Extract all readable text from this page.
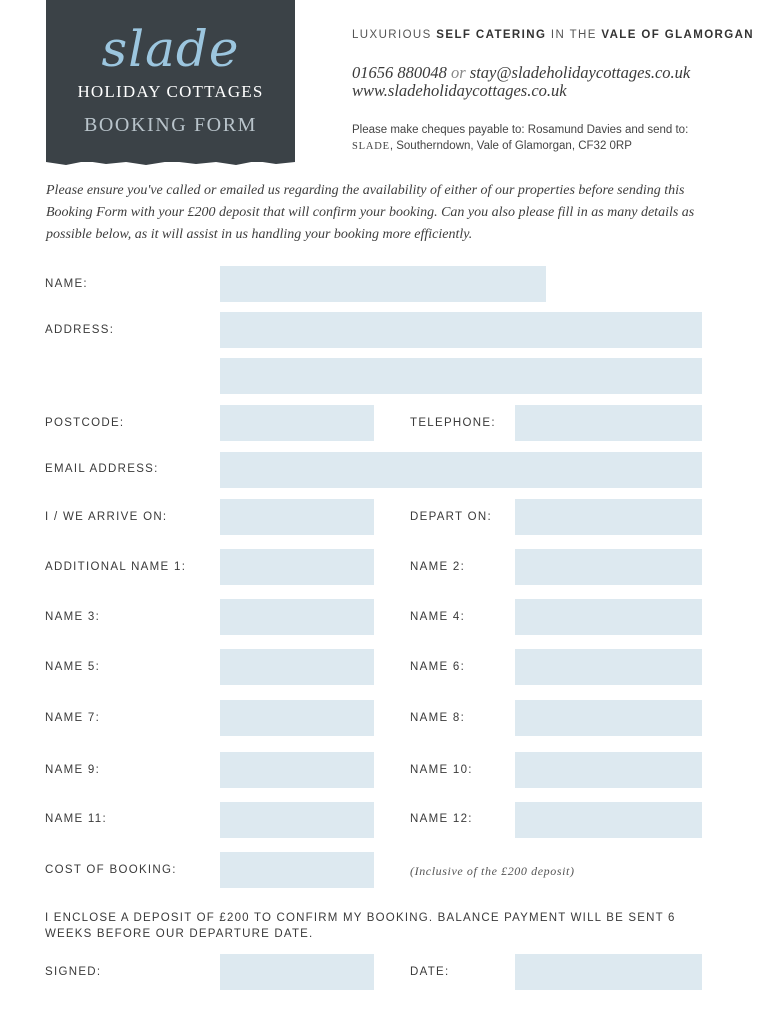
slade
HOLIDAY COTTAGES
BOOKING FORM
LUXURIOUS SELF CATERING IN THE VALE OF GLAMORGAN
01656 880048 or stay@sladeholidaycottages.co.uk
www.sladeholidaycottages.co.uk
Please make cheques payable to: Rosamund Davies and send to:
SLADE, Southerndown, Vale of Glamorgan, CF32 0RP
Please ensure you've called or emailed us regarding the availability of either of our properties before sending this Booking Form with your £200 deposit that will confirm your booking. Can you also please fill in as many details as possible below, as it will assist in us handling your booking more efficiently.
NAME:
ADDRESS:
POSTCODE:	TELEPHONE:
EMAIL ADDRESS:
I / WE ARRIVE ON:	DEPART ON:
ADDITIONAL NAME 1:	NAME 2:
NAME 3:	NAME 4:
NAME 5:	NAME 6:
NAME 7:	NAME 8:
NAME 9:	NAME 10:
NAME 11:	NAME 12:
COST OF BOOKING:	(Inclusive of the £200 deposit)
I ENCLOSE A DEPOSIT OF £200 TO CONFIRM MY BOOKING. BALANCE PAYMENT WILL BE SENT 6 WEEKS BEFORE OUR DEPARTURE DATE.
SIGNED:	DATE:
